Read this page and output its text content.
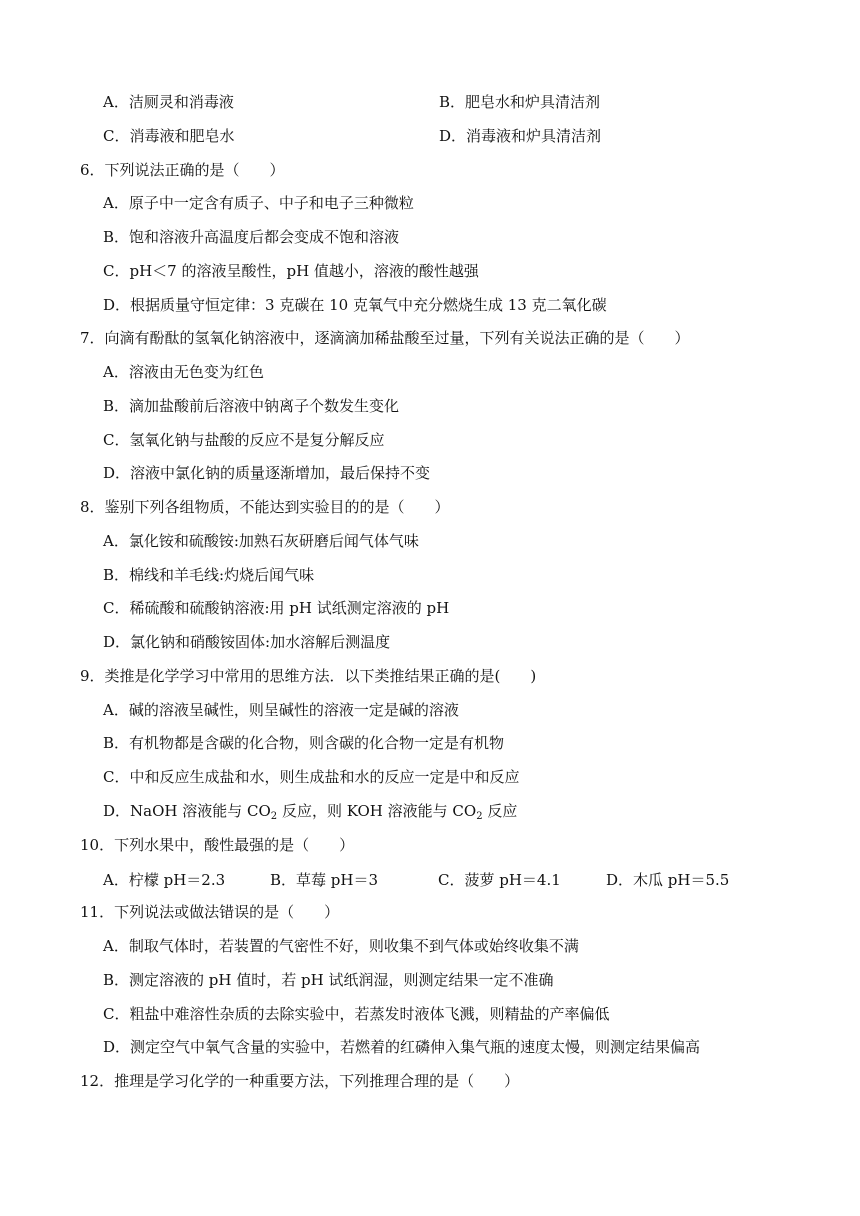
A．洁厕灵和消毒液	B．肥皂水和炉具清洁剂
C．消毒液和肥皂水	D．消毒液和炉具清洁剂
6．下列说法正确的是（　　）
A．原子中一定含有质子、中子和电子三种微粒
B．饱和溶液升高温度后都会变成不饱和溶液
C．pH＜7 的溶液呈酸性，pH 值越小，溶液的酸性越强
D．根据质量守恒定律：3 克碳在 10 克氧气中充分燃烧生成 13 克二氧化碳
7．向滴有酚酞的氢氧化钠溶液中，逐滴滴加稀盐酸至过量，下列有关说法正确的是（　　）
A．溶液由无色变为红色
B．滴加盐酸前后溶液中钠离子个数发生变化
C．氢氧化钠与盐酸的反应不是复分解反应
D．溶液中氯化钠的质量逐渐增加，最后保持不变
8．鉴别下列各组物质，不能达到实验目的的是（　　）
A．氯化铵和硫酸铵:加熟石灰研磨后闻气体气味
B．棉线和羊毛线:灼烧后闻气味
C．稀硫酸和硫酸钠溶液:用 pH 试纸测定溶液的 pH
D．氯化钠和硝酸铵固体:加水溶解后测温度
9．类推是化学学习中常用的思维方法．以下类推结果正确的是(　　)
A．碱的溶液呈碱性，则呈碱性的溶液一定是碱的溶液
B．有机物都是含碳的化合物，则含碳的化合物一定是有机物
C．中和反应生成盐和水，则生成盐和水的反应一定是中和反应
D．NaOH 溶液能与 $CO_2$ 反应，则 KOH 溶液能与 $CO_2$ 反应
10．下列水果中，酸性最强的是（　　）
A．柠檬 pH＝2.3	B．草莓 pH＝3	C．菠萝 pH＝4.1	D．木瓜 pH＝5.5
11．下列说法或做法错误的是（　　）
A．制取气体时，若装置的气密性不好，则收集不到气体或始终收集不满
B．测定溶液的 pH 值时，若 pH 试纸润湿，则测定结果一定不准确
C．粗盐中难溶性杂质的去除实验中，若蒸发时液体飞溅，则精盐的产率偏低
D．测定空气中氧气含量的实验中，若燃着的红磷伸入集气瓶的速度太慢，则测定结果偏高
12．推理是学习化学的一种重要方法，下列推理合理的是（　　）
